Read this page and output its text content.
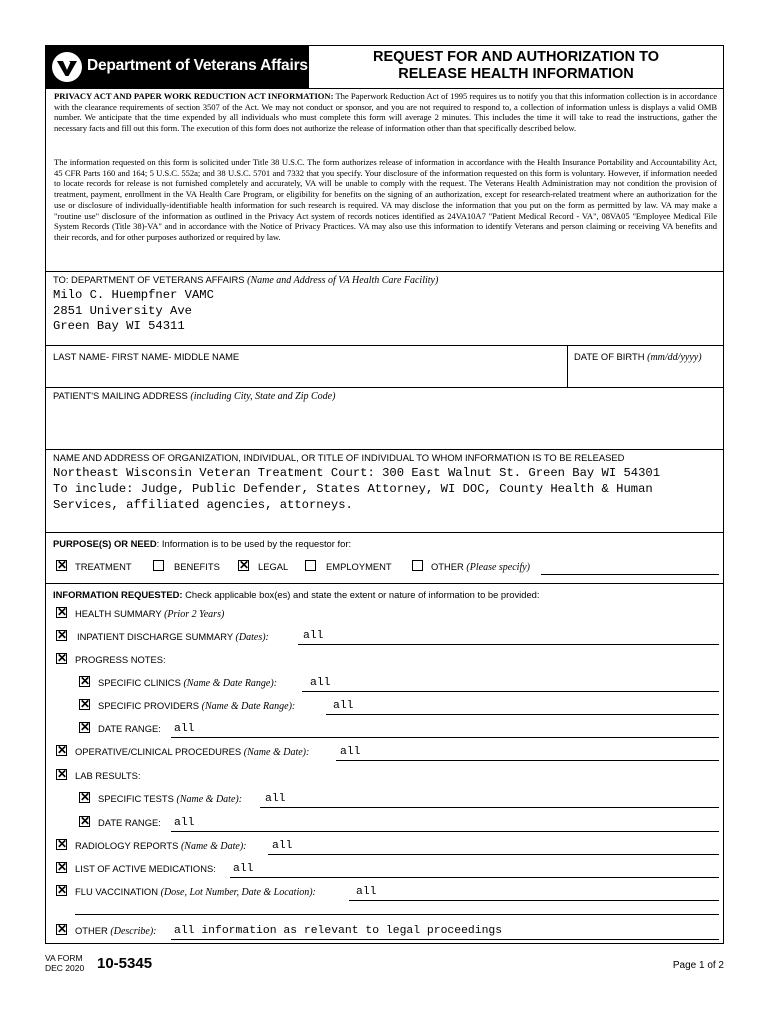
Department of Veterans Affairs	REQUEST FOR AND AUTHORIZATION TO
RELEASE HEALTH INFORMATION
PRIVACY ACT AND PAPER WORK REDUCTION ACT INFORMATION: The Paperwork Reduction Act of 1995 requires us to notify you that this information collection is in accordance with the clearance requirements of section 3507 of the Act. We may not conduct or sponsor, and you are not required to respond to, a collection of information unless is displays a valid OMB number. We anticipate that the time expended by all individuals who must complete this form will average 2 minutes. This includes the time it will take to read the instructions, gather the necessary facts and fill out this form. The execution of this form does not authorize the release of information other than that specifically described below.
The information requested on this form is solicited under Title 38 U.S.C. The form authorizes release of information in accordance with the Health Insurance Portability and Accountability Act, 45 CFR Parts 160 and 164; 5 U.S.C. 552a; and 38 U.S.C. 5701 and 7332 that you specify. Your disclosure of the information requested on this form is voluntary. However, if information needed to locate records for release is not furnished completely and accurately, VA will be unable to comply with the request. The Veterans Health Administration may not condition the provision of treatment, payment, enrollment in the VA Health Care Program, or eligibility for benefits on the signing of an authorization, except for research-related treatment where an authorization for the use or disclosure of individually-identifiable health information for such research is required. VA may disclose the information that you put on the form as permitted by law. VA may make a "routine use" disclosure of the information as outlined in the Privacy Act system of records notices identified as 24VA10A7 "Patient Medical Record - VA", 08VA05 "Employee Medical File System Records (Title 38)-VA" and in accordance with the Notice of Privacy Practices. VA may also use this information to identify Veterans and person claiming or receiving VA benefits and their records, and for other purposes authorized or required by law.
TO: DEPARTMENT OF VETERANS AFFAIRS (Name and Address of VA Health Care Facility)
Milo C. Huempfner VAMC
2851 University Ave
Green Bay WI 54311
LAST NAME- FIRST NAME- MIDDLE NAME	DATE OF BIRTH (mm/dd/yyyy)
PATIENT'S MAILING ADDRESS (including City, State and Zip Code)
NAME AND ADDRESS OF ORGANIZATION, INDIVIDUAL, OR TITLE OF INDIVIDUAL TO WHOM INFORMATION IS TO BE RELEASED
Northeast Wisconsin Veteran Treatment Court: 300 East Walnut St. Green Bay WI 54301
To include: Judge, Public Defender, States Attorney, WI DOC, County Health & Human
Services, affiliated agencies, attorneys.
PURPOSE(S) OR NEED: Information is to be used by the requestor for:
✕ TREATMENT	BENEFITS ✕ LEGAL	EMPLOYMENT	OTHER (Please specify)
INFORMATION REQUESTED: Check applicable box(es) and state the extent or nature of information to be provided:
✕ HEALTH SUMMARY (Prior 2 Years)
✕ INPATIENT DISCHARGE SUMMARY (Dates):	all
✕ PROGRESS NOTES:
✕ SPECIFIC CLINICS (Name & Date Range):	all
✕ SPECIFIC PROVIDERS (Name & Date Range):	all
✕ DATE RANGE: all
✕ OPERATIVE/CLINICAL PROCEDURES (Name & Date):	all
✕ LAB RESULTS:
✕ SPECIFIC TESTS (Name & Date): all
✕ DATE RANGE: all
✕ RADIOLOGY REPORTS (Name & Date): all
✕ LIST OF ACTIVE MEDICATIONS: all
✕ FLU VACCINATION (Dose, Lot Number, Date & Location):	all
✕ OTHER (Describe): all information as relevant to legal proceedings
VA FORM
DEC 2020 10-5345	Page 1 of 2
